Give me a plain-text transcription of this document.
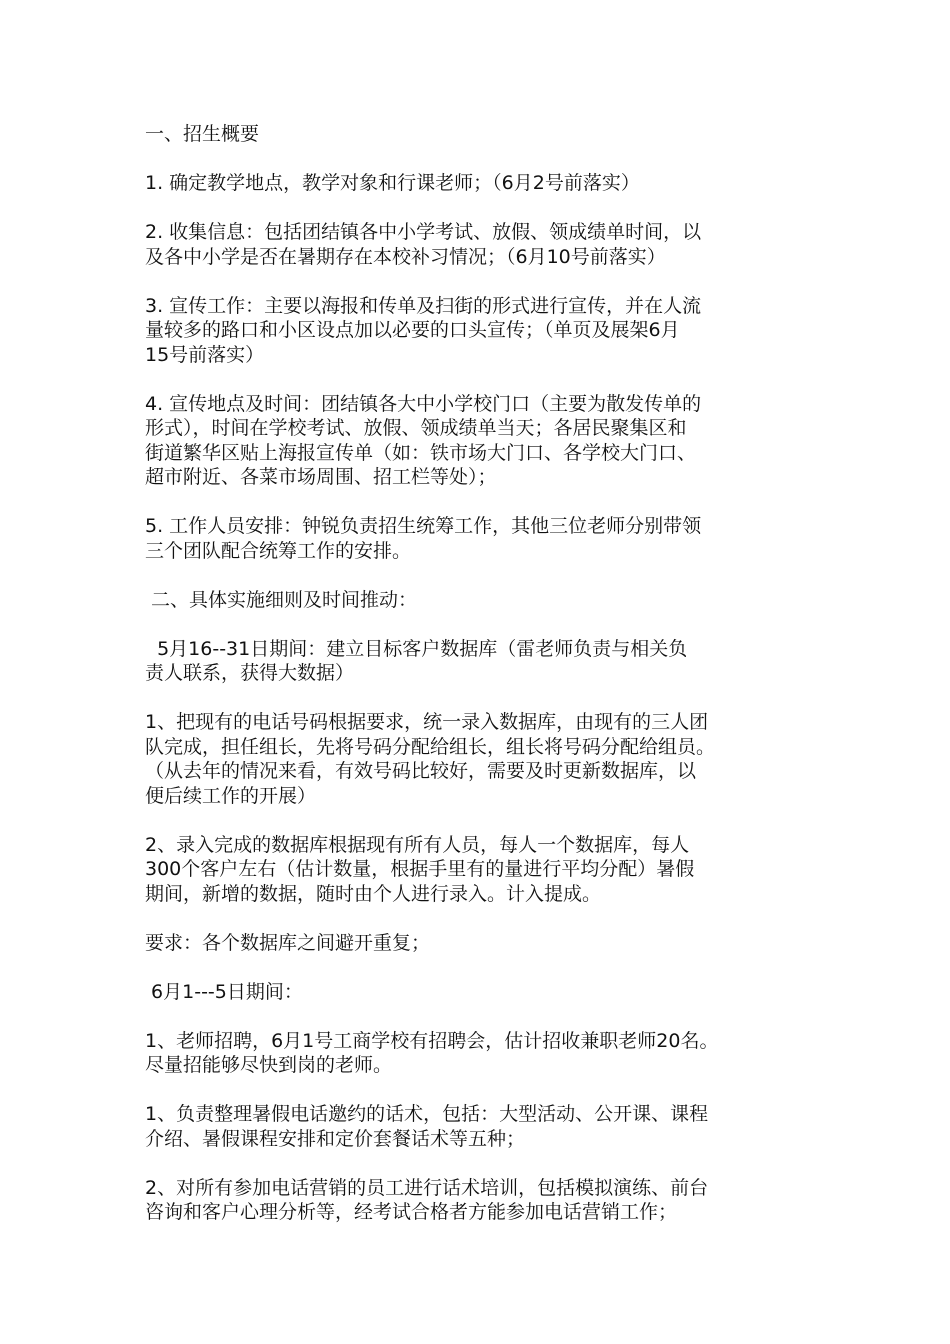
一、招生概要

1. 确定教学地点，教学对象和行课老师；（6月2号前落实）

2. 收集信息：包括团结镇各中小学考试、放假、领成绩单时间，以
及各中小学是否在暑期存在本校补习情况；（6月10号前落实）

3. 宣传工作：主要以海报和传单及扫街的形式进行宣传，并在人流
量较多的路口和小区设点加以必要的口头宣传；（单页及展架6月
15号前落实）

4. 宣传地点及时间：团结镇各大中小学校门口（主要为散发传单的
形式），时间在学校考试、放假、领成绩单当天；各居民聚集区和
街道繁华区贴上海报宣传单（如：铁市场大门口、各学校大门口、
超市附近、各菜市场周围、招工栏等处）；

5. 工作人员安排：钟锐负责招生统筹工作，其他三位老师分别带领
三个团队配合统筹工作的安排。

二、具体实施细则及时间推动：

5月16--31日期间：建立目标客户数据库（雷老师负责与相关负
责人联系，获得大数据）

1、把现有的电话号码根据要求，统一录入数据库，由现有的三人团
队完成，担任组长，先将号码分配给组长，组长将号码分配给组员。
（从去年的情况来看，有效号码比较好，需要及时更新数据库，以
便后续工作的开展）

2、录入完成的数据库根据现有所有人员，每人一个数据库，每人
300个客户左右（估计数量，根据手里有的量进行平均分配）暑假
期间，新增的数据，随时由个人进行录入。计入提成。

要求：各个数据库之间避开重复；

6月1---5日期间：

1、老师招聘，6月1号工商学校有招聘会，估计招收兼职老师20名。
尽量招能够尽快到岗的老师。

1、负责整理暑假电话邀约的话术，包括：大型活动、公开课、课程
介绍、暑假课程安排和定价套餐话术等五种；

2、对所有参加电话营销的员工进行话术培训，包括模拟演练、前台
咨询和客户心理分析等，经考试合格者方能参加电话营销工作；
